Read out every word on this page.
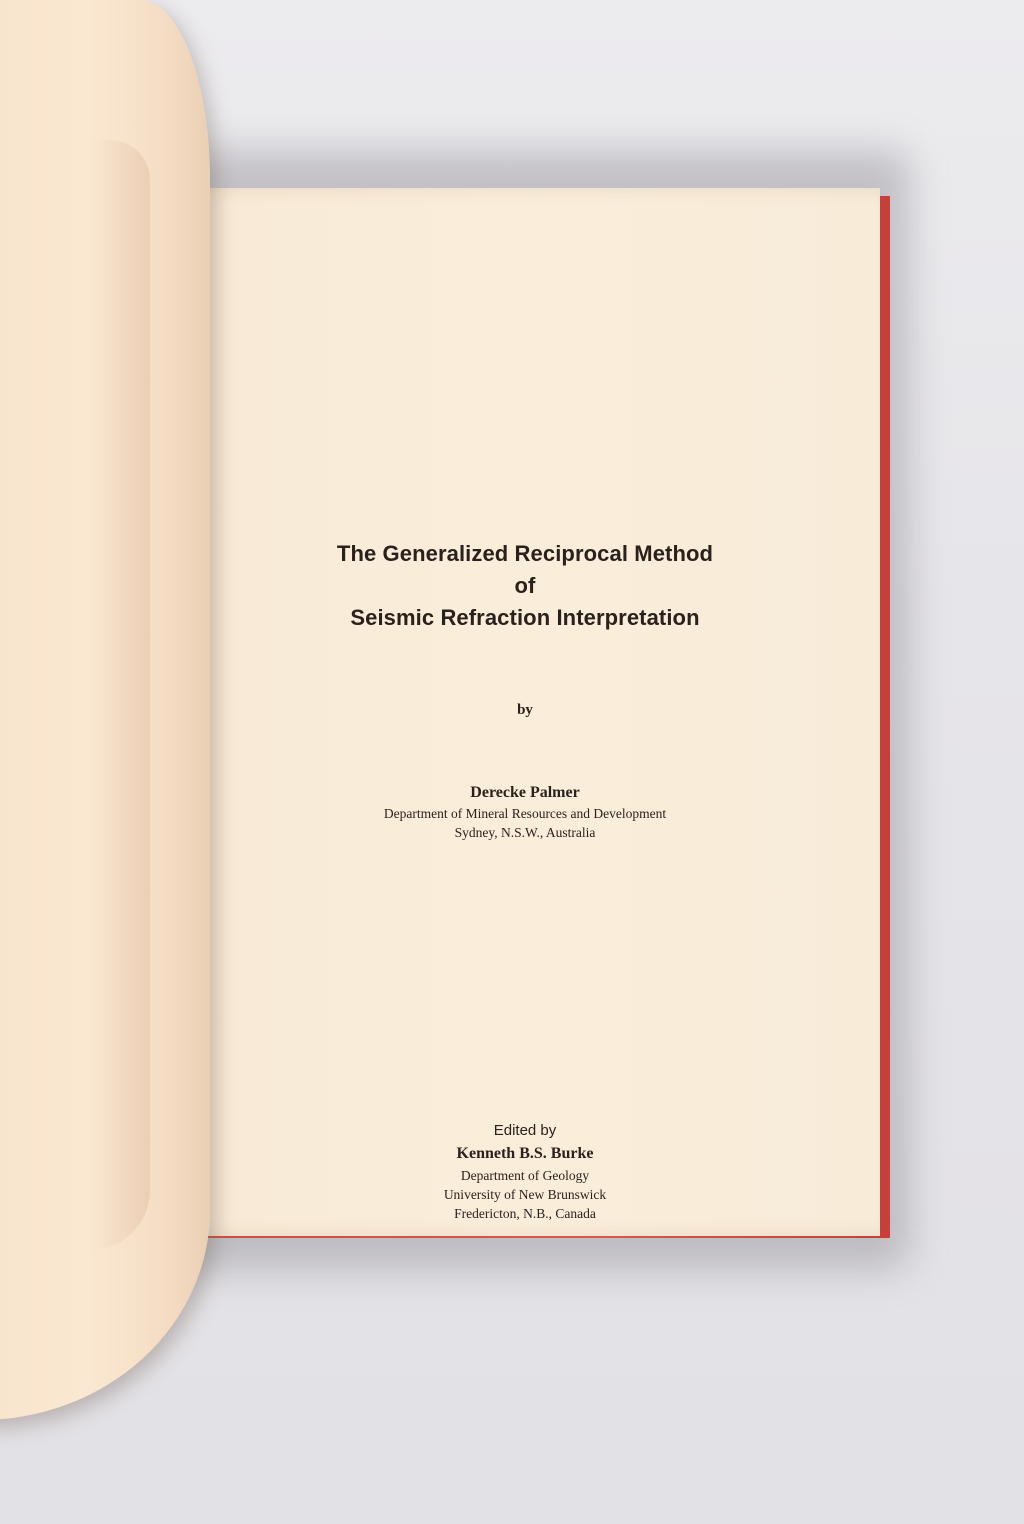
The Generalized Reciprocal Method

of

Seismic Refraction Interpretation

by
Derecke Palmer
Department of Mineral Resources and Development
Sydney, N.S.W., Australia
Edited by
Kenneth B.S. Burke
Department of Geology
University of New Brunswick
Fredericton, N.B., Canada
